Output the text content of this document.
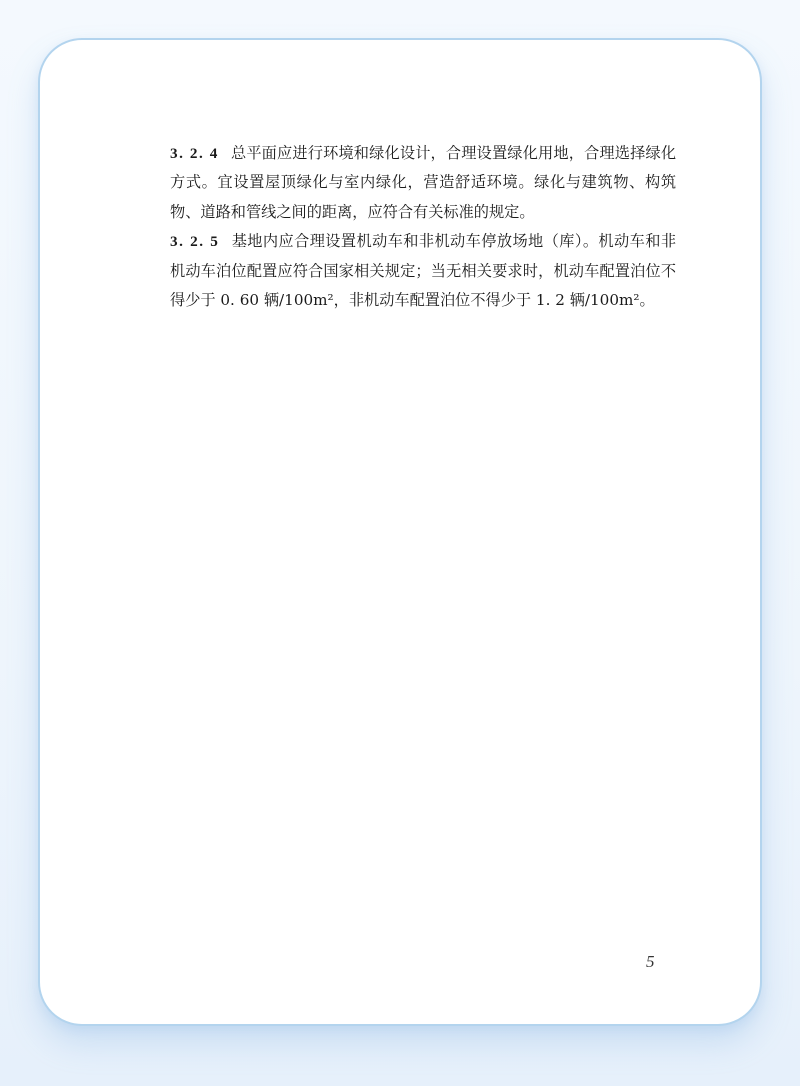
3. 2. 4 总平面应进行环境和绿化设计，合理设置绿化用地，合理选择绿化方式。宜设置屋顶绿化与室内绿化，营造舒适环境。绿化与建筑物、构筑物、道路和管线之间的距离，应符合有关标准的规定。

3. 2. 5 基地内应合理设置机动车和非机动车停放场地（库）。机动车和非机动车泊位配置应符合国家相关规定；当无相关要求时，机动车配置泊位不得少于 0. 60 辆/100m²，非机动车配置泊位不得少于 1. 2 辆/100m²。

5
